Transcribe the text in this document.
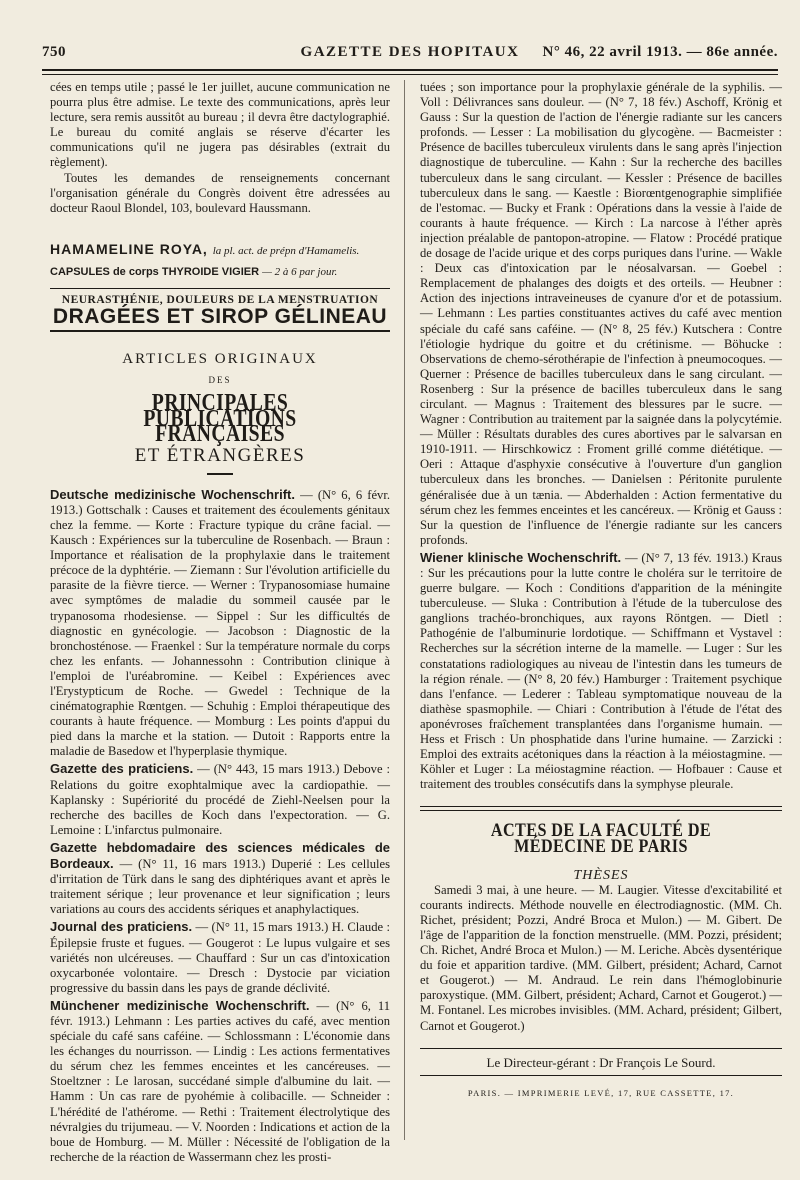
750	GAZETTE DES HOPITAUX	N° 46, 22 avril 1913. — 86e année.

cées en temps utile ; passé le 1er juillet, aucune communication ne pourra plus être admise. Le texte des communications, après leur lecture, sera remis aussitôt au bureau ; il devra être dactylographié. Le bureau du comité anglais se réserve d'écarter les communications qu'il ne jugera pas désirables (extrait du règlement).

Toutes les demandes de renseignements concernant l'organisation générale du Congrès doivent être adressées au docteur Raoul Blondel, 103, boulevard Haussmann.

HAMAMELINE ROYA, la pl. act. de prépn d'Hamamelis.
CAPSULES de corps THYROIDE VIGIER — 2 à 6 par jour.
NEURASTHÉNIE, DOULEURS DE LA MENSTRUATION
DRAGÉES ET SIROP GÉLINEAU
ARTICLES ORIGINAUX
DES
PRINCIPALES PUBLICATIONS FRANÇAISES
ET ÉTRANGÈRES

Deutsche medizinische Wochenschrift. — (N° 6, 6 févr. 1913.) Gottschalk : Causes et traitement des écoulements génitaux chez la femme. — Korte : Fracture typique du crâne facial. — Kausch : Expériences sur la tuberculine de Rosenbach. — Braun : Importance et réalisation de la prophylaxie dans le traitement précoce de la dyphtérie. — Ziemann : Sur l'évolution artificielle du parasite de la fièvre tierce. — Werner : Trypanosomiase humaine avec symptômes de maladie du sommeil causée par le trypanosoma rhodesiense. — Sippel : Sur les difficultés de diagnostic en gynécologie. — Jacobson : Diagnostic de la bronchosténose. — Fraenkel : Sur la température normale du corps chez les enfants. — Johannessohn : Contribution clinique à l'emploi de l'uréabromine. — Keibel : Expériences avec l'Erystypticum de Roche. — Gwedel : Technique de la cinématographie Rœntgen. — Schuhig : Emploi thérapeutique des courants à haute fréquence. — Momburg : Les points d'appui du pied dans la marche et la station. — Dutoit : Rapports entre la maladie de Basedow et l'hyperplasie thymique.

Gazette des praticiens. — (N° 443, 15 mars 1913.) Debove : Relations du goitre exophtalmique avec la cardiopathie. — Kaplansky : Supériorité du procédé de Ziehl-Neelsen pour la recherche des bacilles de Koch dans l'expectoration. — G. Lemoine : L'infarctus pulmonaire.

Gazette hebdomadaire des sciences médicales de Bordeaux. — (N° 11, 16 mars 1913.) Duperié : Les cellules d'irritation de Türk dans le sang des diphtériques avant et après le traitement sérique ; leur provenance et leur signification ; leurs variations au cours des accidents sériques et anaphylactiques.

Journal des praticiens. — (N° 11, 15 mars 1913.) H. Claude : Épilepsie fruste et fugues. — Gougerot : Le lupus vulgaire et ses variétés non ulcéreuses. — Chauffard : Sur un cas d'intoxication oxycarbonée volontaire. — Dresch : Dystocie par viciation progressive du bassin dans les pays de grande déclivité.

Münchener medizinische Wochenschrift. — (N° 6, 11 févr. 1913.) Lehmann : Les parties actives du café, avec mention spéciale du café sans caféine. — Schlossmann : L'économie dans les échanges du nourrisson. — Lindig : Les actions fermentatives du sérum chez les femmes enceintes et les cancéreuses. — Stoeltzner : Le larosan, succédané simple d'albumine du lait. — Hamm : Un cas rare de pyohémie à colibacille. — Schneider : L'hérédité de l'athérome. — Rethi : Traitement électrolytique des névralgies du trijumeau. — V. Noorden : Indications et action de la boue de Homburg. — M. Müller : Nécessité de l'obligation de la recherche de la réaction de Wassermann chez les prosti-

tuées ; son importance pour la prophylaxie générale de la syphilis. — Voll : Délivrances sans douleur. — (N° 7, 18 fév.) Aschoff, Krönig et Gauss : Sur la question de l'action de l'énergie radiante sur les cancers profonds. — Lesser : La mobilisation du glycogène. — Bacmeister : Présence de bacilles tuberculeux virulents dans le sang après l'injection diagnostique de tuberculine. — Kahn : Sur la recherche des bacilles tuberculeux dans le sang circulant. — Kessler : Présence de bacilles tuberculeux dans le sang. — Kaestle : Biorœntgenographie simplifiée de l'estomac. — Bucky et Frank : Opérations dans la vessie à l'aide de courants à haute fréquence. — Kirch : La narcose à l'éther après injection préalable de pantopon-atropine. — Flatow : Procédé pratique de dosage de l'acide urique et des corps puriques dans l'urine. — Wakle : Deux cas d'intoxication par le néosalvarsan. — Goebel : Remplacement de phalanges des doigts et des orteils. — Heubner : Action des injections intraveineuses de cyanure d'or et de potassium. — Lehmann : Les parties constituantes actives du café avec mention spéciale du café sans caféine. — (N° 8, 25 fév.) Kutschera : Contre l'étiologie hydrique du goitre et du crétinisme. — Böhucke : Observations de chemo-sérothérapie de l'infection à pneumocoques. — Querner : Présence de bacilles tuberculeux dans le sang circulant. — Rosenberg : Sur la présence de bacilles tuberculeux dans le sang circulant. — Magnus : Traitement des blessures par le sucre. — Wagner : Contribution au traitement par la saignée dans la polycytémie. — Müller : Résultats durables des cures abortives par le salvarsan en 1910-1911. — Hirschkowicz : Froment grillé comme diététique. — Oeri : Attaque d'asphyxie consécutive à l'ouverture d'un ganglion tuberculeux dans les bronches. — Danielsen : Péritonite purulente généralisée due à un tænia. — Abderhalden : Action fermentative du sérum chez les femmes enceintes et les cancéreux. — Krönig et Gauss : Sur la question de l'influence de l'énergie radiante sur les cancers profonds.

Wiener klinische Wochenschrift. — (N° 7, 13 fév. 1913.) Kraus : Sur les précautions pour la lutte contre le choléra sur le territoire de guerre bulgare. — Koch : Conditions d'apparition de la méningite tuberculeuse. — Sluka : Contribution à l'étude de la tuberculose des ganglions trachéo-bronchiques, aux rayons Röntgen. — Dietl : Pathogénie de l'albuminurie lordotique. — Schiffmann et Vystavel : Recherches sur la sécrétion interne de la mamelle. — Luger : Sur les constatations radiologiques au niveau de l'intestin dans les tumeurs de la région rénale. — (N° 8, 20 fév.) Hamburger : Traitement psychique dans l'enfance. — Lederer : Tableau symptomatique nouveau de la diathèse spasmophile. — Chiari : Contribution à l'étude de l'état des aponévroses fraîchement transplantées dans l'organisme humain. — Hess et Frisch : Un phosphatide dans l'urine humaine. — Zarzicki : Emploi des extraits acétoniques dans la réaction à la méiostagmine. — Köhler et Luger : La méiostagmine réaction. — Hofbauer : Cause et traitement des troubles consécutifs dans la symphyse pleurale.

ACTES DE LA FACULTÉ DE MÉDECINE DE PARIS
THÈSES

Samedi 3 mai, à une heure. — M. Laugier. Vitesse d'excitabilité et courants indirects. Méthode nouvelle en électrodiagnostic. (MM. Ch. Richet, président; Pozzi, André Broca et Mulon.) — M. Gibert. De l'âge de l'apparition de la fonction menstruelle. (MM. Pozzi, président; Ch. Richet, André Broca et Mulon.) — M. Leriche. Abcès dysentérique du foie et apparition tardive. (MM. Gilbert, président; Achard, Carnot et Gougerot.) — M. Andraud. Le rein dans l'hémoglobinurie paroxystique. (MM. Gilbert, président; Achard, Carnot et Gougerot.) — M. Fontanel. Les microbes invisibles. (MM. Achard, président; Gilbert, Carnot et Gougerot.)

Le Directeur-gérant : Dr François Le Sourd.
PARIS. — IMPRIMERIE LEVÉ, 17, RUE CASSETTE, 17.
